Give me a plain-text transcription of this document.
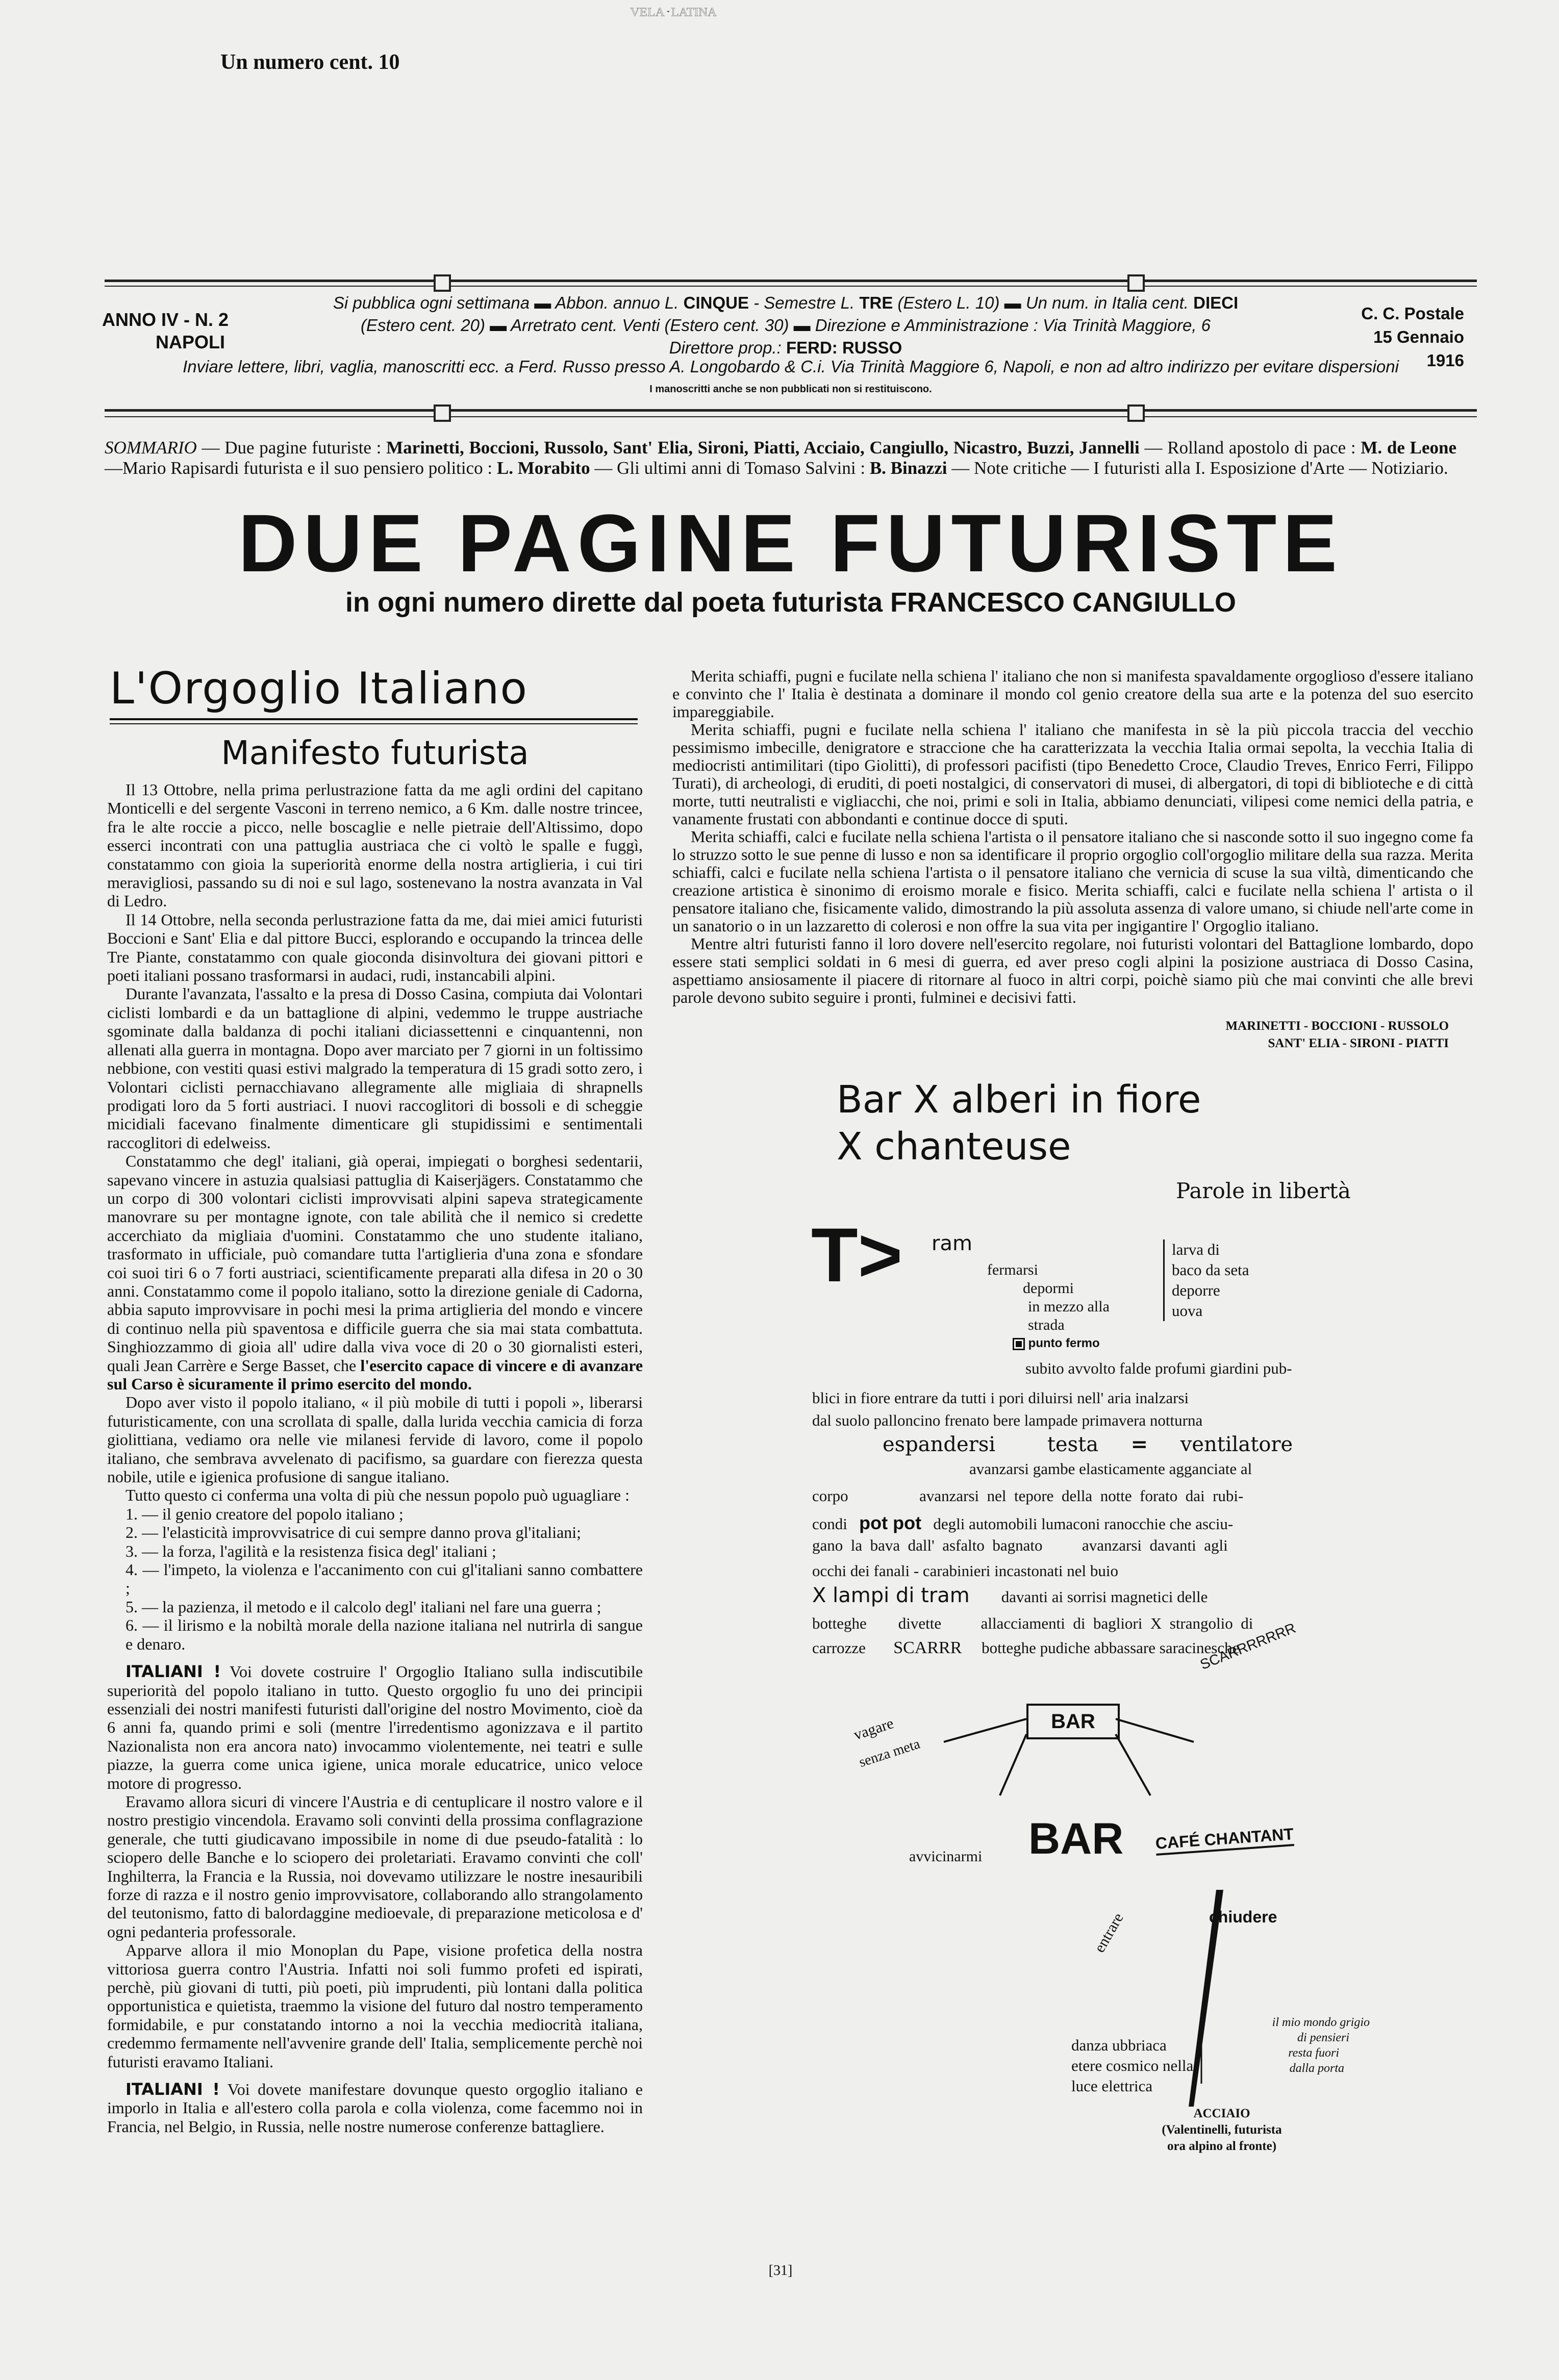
Un numero cent. 10
VELA LATINA
ANNO IV - N. 2
NAPOLI
Si pubblica ogni settimana ▬ Abbon. annuo L. CINQUE - Semestre L. TRE (Estero L. 10) ▬ Un num. in Italia cent. DIECI
(Estero cent. 20) ▬ Arretrato cent. Venti (Estero cent. 30) ▬ Direzione e Amministrazione : Via Trinità Maggiore, 6
Direttore prop.: FERD: RUSSO
C. C. Postale
15 Gennaio 1916
Inviare lettere, libri, vaglia, manoscritti ecc. a Ferd. Russo presso A. Longobardo & C.i. Via Trinità Maggiore 6, Napoli, e non ad altro indirizzo per evitare dispersioni
I manoscritti anche se non pubblicati non si restituiscono.
SOMMARIO — Due pagine futuriste : Marinetti, Boccioni, Russolo, Sant' Elia, Sironi, Piatti, Acciaio, Cangiullo, Nicastro, Buzzi, Jannelli — Rolland apostolo di pace : M. de Leone—Mario Rapisardi futurista e il suo pensiero politico : L. Morabito — Gli ultimi anni di Tomaso Salvini : B. Binazzi — Note critiche — I futuristi alla I. Esposizione d'Arte — Notiziario.
DUE PAGINE FUTURISTE
in ogni numero dirette dal poeta futurista FRANCESCO CANGIULLO
L'Orgoglio Italiano
Manifesto futurista

Il 13 Ottobre, nella prima perlustrazione fatta da me agli ordini del capitano Monticelli e del sergente Vasconi in terreno nemico, a 6 Km. dalle nostre trincee, fra le alte roccie a picco, nelle boscaglie e nelle pietraie dell'Altissimo, dopo esserci incontrati con una pattuglia austriaca che ci voltò le spalle e fuggì, constatammo con gioia la superiorità enorme della nostra artiglieria, i cui tiri meravigliosi, passando su di noi e sul lago, sostenevano la nostra avanzata in Val di Ledro.

Il 14 Ottobre, nella seconda perlustrazione fatta da me, dai miei amici futuristi Boccioni e Sant' Elia e dal pittore Bucci, esplorando e occupando la trincea delle Tre Piante, constatammo con quale gioconda disinvoltura dei giovani pittori e poeti italiani possano trasformarsi in audaci, rudi, instancabili alpini.

Durante l'avanzata, l'assalto e la presa di Dosso Casina, compiuta dai Volontari ciclisti lombardi e da un battaglione di alpini, vedemmo le truppe austriache sgominate dalla baldanza di pochi italiani diciassettenni e cinquantenni, non allenati alla guerra in montagna. Dopo aver marciato per 7 giorni in un foltissimo nebbione, con vestiti quasi estivi malgrado la temperatura di 15 gradi sotto zero, i Volontari ciclisti pernacchiavano allegramente alle migliaia di shrapnells prodigati loro da 5 forti austriaci. I nuovi raccoglitori di bossoli e di scheggie micidiali facevano finalmente dimenticare gli stupidissimi e sentimentali raccoglitori di edelweiss.

Constatammo che degl' italiani, già operai, impiegati o borghesi sedentarii, sapevano vincere in astuzia qualsiasi pattuglia di Kaiserjägers. Constatammo che un corpo di 300 volontari ciclisti improvvisati alpini sapeva strategicamente manovrare su per montagne ignote, con tale abilità che il nemico si credette accerchiato da migliaia d'uomini. Constatammo che uno studente italiano, trasformato in ufficiale, può comandare tutta l'artiglieria d'una zona e sfondare coi suoi tiri 6 o 7 forti austriaci, scientificamente preparati alla difesa in 20 o 30 anni. Constatammo come il popolo italiano, sotto la direzione geniale di Cadorna, abbia saputo improvvisare in pochi mesi la prima artiglieria del mondo e vincere di continuo nella più spaventosa e difficile guerra che sia mai stata combattuta. Singhiozzammo di gioia all' udire dalla viva voce di 20 o 30 giornalisti esteri, quali Jean Carrère e Serge Basset, che l'esercito capace di vincere e di avanzare sul Carso è sicuramente il primo esercito del mondo.

Dopo aver visto il popolo italiano, « il più mobile di tutti i popoli », liberarsi futuristicamente, con una scrollata di spalle, dalla lurida vecchia camicia di forza giolittiana, vediamo ora nelle vie milanesi fervide di lavoro, come il popolo italiano, che sembrava avvelenato di pacifismo, sa guardare con fierezza questa nobile, utile e igienica profusione di sangue italiano.

Tutto questo ci conferma una volta di più che nessun popolo può uguagliare :

1. — il genio creatore del popolo italiano ;

2. — l'elasticità improvvisatrice di cui sempre danno prova gl'italiani;

3. — la forza, l'agilità e la resistenza fisica degl' italiani ;

4. — l'impeto, la violenza e l'accanimento con cui gl'italiani sanno combattere ;

5. — la pazienza, il metodo e il calcolo degl' italiani nel fare una guerra ;

6. — il lirismo e la nobiltà morale della nazione italiana nel nutrirla di sangue e denaro.

ITALIANI ! Voi dovete costruire l' Orgoglio Italiano sulla indiscutibile superiorità del popolo italiano in tutto. Questo orgoglio fu uno dei principii essenziali dei nostri manifesti futuristi dall'origine del nostro Movimento, cioè da 6 anni fa, quando primi e soli (mentre l'irredentismo agonizzava e il partito Nazionalista non era ancora nato) invocammo violentemente, nei teatri e sulle piazze, la guerra come unica igiene, unica morale educatrice, unico veloce motore di progresso.

Eravamo allora sicuri di vincere l'Austria e di centuplicare il nostro valore e il nostro prestigio vincendola. Eravamo soli convinti della prossima conflagrazione generale, che tutti giudicavano impossibile in nome di due pseudo-fatalità : lo sciopero delle Banche e lo sciopero dei proletariati. Eravamo convinti che coll' Inghilterra, la Francia e la Russia, noi dovevamo utilizzare le nostre inesauribili forze di razza e il nostro genio improvvisatore, collaborando allo strangolamento del teutonismo, fatto di balordaggine medioevale, di preparazione meticolosa e d' ogni pedanteria professorale.

Apparve allora il mio Monoplan du Pape, visione profetica della nostra vittoriosa guerra contro l'Austria. Infatti noi soli fummo profeti ed ispirati, perchè, più giovani di tutti, più poeti, più imprudenti, più lontani dalla politica opportunistica e quietista, traemmo la visione del futuro dal nostro temperamento formidabile, e pur constatando intorno a noi la vecchia mediocrità italiana, credemmo fermamente nell'avvenire grande dell' Italia, semplicemente perchè noi futuristi eravamo Italiani.

ITALIANI ! Voi dovete manifestare dovunque questo orgoglio italiano e imporlo in Italia e all'estero colla parola e colla violenza, come facemmo noi in Francia, nel Belgio, in Russia, nelle nostre numerose conferenze battagliere.

Merita schiaffi, pugni e fucilate nella schiena l' italiano che non si manifesta spavaldamente orgoglioso d'essere italiano e convinto che l' Italia è destinata a dominare il mondo col genio creatore della sua arte e la potenza del suo esercito impareggiabile.

Merita schiaffi, pugni e fucilate nella schiena l' italiano che manifesta in sè la più piccola traccia del vecchio pessimismo imbecille, denigratore e straccione che ha caratterizzata la vecchia Italia ormai sepolta, la vecchia Italia di mediocristi antimilitari (tipo Giolitti), di professori pacifisti (tipo Benedetto Croce, Claudio Treves, Enrico Ferri, Filippo Turati), di archeologi, di eruditi, di poeti nostalgici, di conservatori di musei, di albergatori, di topi di biblioteche e di città morte, tutti neutralisti e vigliacchi, che noi, primi e soli in Italia, abbiamo denunciati, vilipesi come nemici della patria, e vanamente frustati con abbondanti e continue docce di sputi.

Merita schiaffi, calci e fucilate nella schiena l'artista o il pensatore italiano che si nasconde sotto il suo ingegno come fa lo struzzo sotto le sue penne di lusso e non sa identificare il proprio orgoglio coll'orgoglio militare della sua razza. Merita schiaffi, calci e fucilate nella schiena l'artista o il pensatore italiano che vernicia di scuse la sua viltà, dimenticando che creazione artistica è sinonimo di eroismo morale e fisico. Merita schiaffi, calci e fucilate nella schiena l' artista o il pensatore italiano che, fisicamente valido, dimostrando la più assoluta assenza di valore umano, si chiude nell'arte come in un sanatorio o in un lazzaretto di colerosi e non offre la sua vita per ingigantire l' Orgoglio italiano.

Mentre altri futuristi fanno il loro dovere nell'esercito regolare, noi futuristi volontari del Battaglione lombardo, dopo essere stati semplici soldati in 6 mesi di guerra, ed aver preso cogli alpini la posizione austriaca di Dosso Casina, aspettiamo ansiosamente il piacere di ritornare al fuoco in altri corpi, poichè siamo più che mai convinti che alle brevi parole devono subito seguire i pronti, fulminei e decisivi fatti.

MARINETTI - BOCCIONI - RUSSOLO
SANT' ELIA - SIRONI - PIATTI
Bar X alberi in fiore
X chanteuse
Parole in libertà
T> ram
fermarsi
depormi
in mezzo alla
strada
punto fermo
larva di
baco da seta
deporre
uova
subito avvolto falde profumi giardini pub-
blici in fiore entrare da tutti i pori diluirsi nell' aria inalzarsi
dal suolo palloncino frenato bere lampade primavera notturna
espandersi	testa = ventilatore
avanzarsi gambe elasticamente agganciate al
corpo                  avanzarsi  nel  tepore  della  notte  forato  dai  rubi-
condi pot pot degli automobili lumaconi ranocchie che asciu-
gano  la  bava  dall'  asfalto  bagnato          avanzarsi  davanti  agli
occhi dei fanali - carabinieri incastonati nel buio
X lampi di tram davanti ai sorrisi magnetici delle
botteghe        divette          allacciamenti  di  bagliori  X  strangolio  di
carrozze SCARRR botteghe pudiche abbassare saracinesche
SCARRRRRRR
vagare
senza meta
BAR
avvicinarmi BAR CAFÉ CHANTANT
entrare	chiudere
danza ubbriaca
etere cosmico nella
luce elettrica
il mio mondo grigio
di pensieri
resta fuori
dalla porta
ACCIAIO
(Valentinelli, futurista
ora alpino al fronte)
[31]
